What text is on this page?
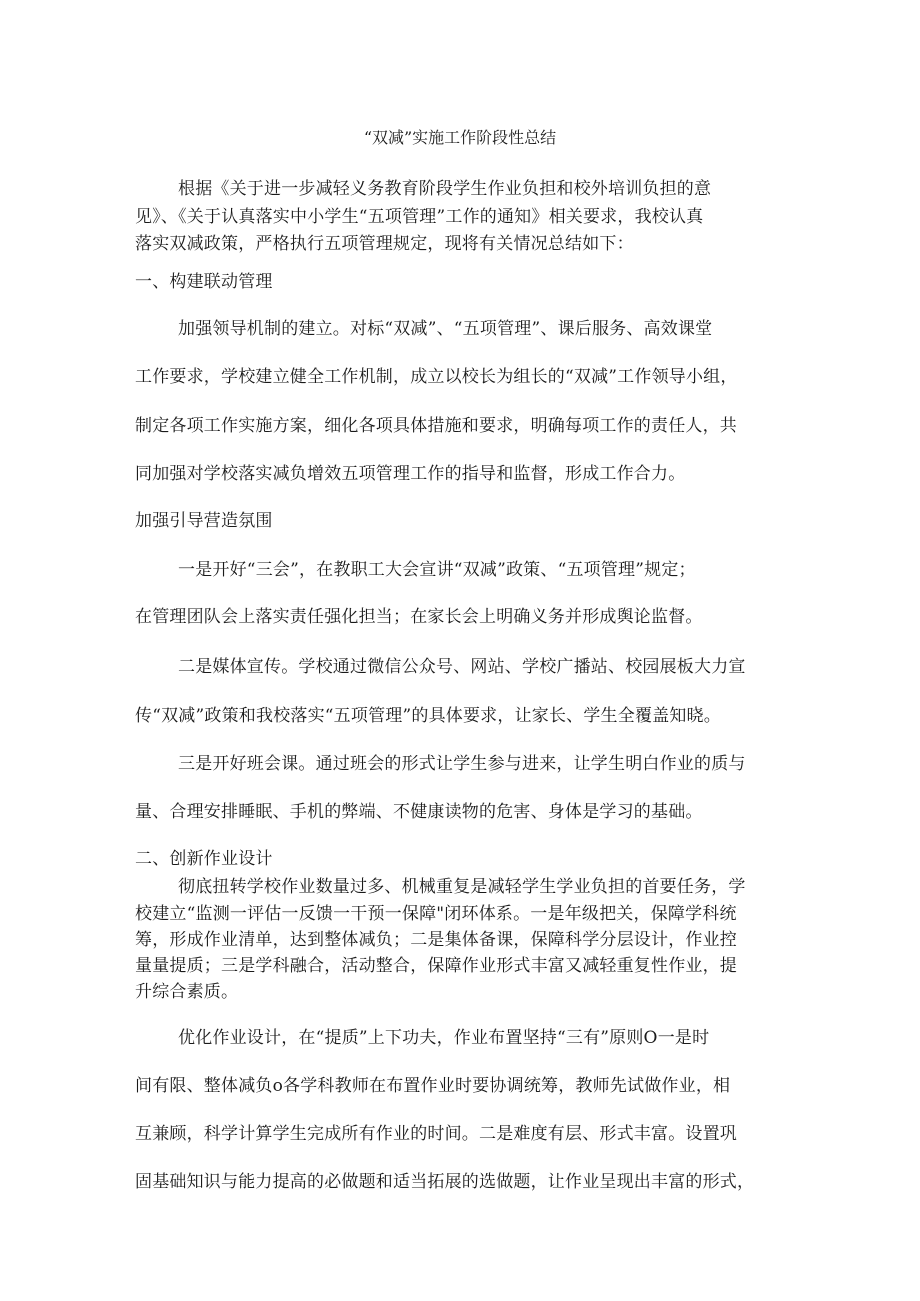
“双减”实施工作阶段性总结
根据《关于进一步减轻义务教育阶段学生作业负担和校外培训负担的意
见》、《关于认真落实中小学生“五项管理”工作的通知》相关要求，我校认真
落实双减政策，严格执行五项管理规定，现将有关情况总结如下：
一、构建联动管理
加强领导机制的建立。对标“双减”、“五项管理”、课后服务、高效课堂
工作要求，学校建立健全工作机制，成立以校长为组长的“双减”工作领导小组，
制定各项工作实施方案，细化各项具体措施和要求，明确每项工作的责任人，共
同加强对学校落实减负增效五项管理工作的指导和监督，形成工作合力。
加强引导营造氛围
一是开好“三会”，在教职工大会宣讲“双减”政策、“五项管理”规定；
在管理团队会上落实责任强化担当；在家长会上明确义务并形成舆论监督。
二是媒体宣传。学校通过微信公众号、网站、学校广播站、校园展板大力宣
传“双减”政策和我校落实“五项管理”的具体要求，让家长、学生全覆盖知晓。
三是开好班会课。通过班会的形式让学生参与进来，让学生明白作业的质与
量、合理安排睡眠、手机的弊端、不健康读物的危害、身体是学习的基础。
二、创新作业设计
彻底扭转学校作业数量过多、机械重复是减轻学生学业负担的首要任务，学
校建立“监测一评估一反馈一干预一保障"闭环体系。一是年级把关，保障学科统
筹，形成作业清单，达到整体减负；二是集体备课，保障科学分层设计，作业控
量量提质；三是学科融合，活动整合，保障作业形式丰富又减轻重复性作业，提
升综合素质。
优化作业设计，在“提质”上下功夫，作业布置坚持“三有”原则O一是时
间有限、整体减负o各学科教师在布置作业时要协调统筹，教师先试做作业，相
互兼顾，科学计算学生完成所有作业的时间。二是难度有层、形式丰富。设置巩
固基础知识与能力提高的必做题和适当拓展的选做题，让作业呈现出丰富的形式，
